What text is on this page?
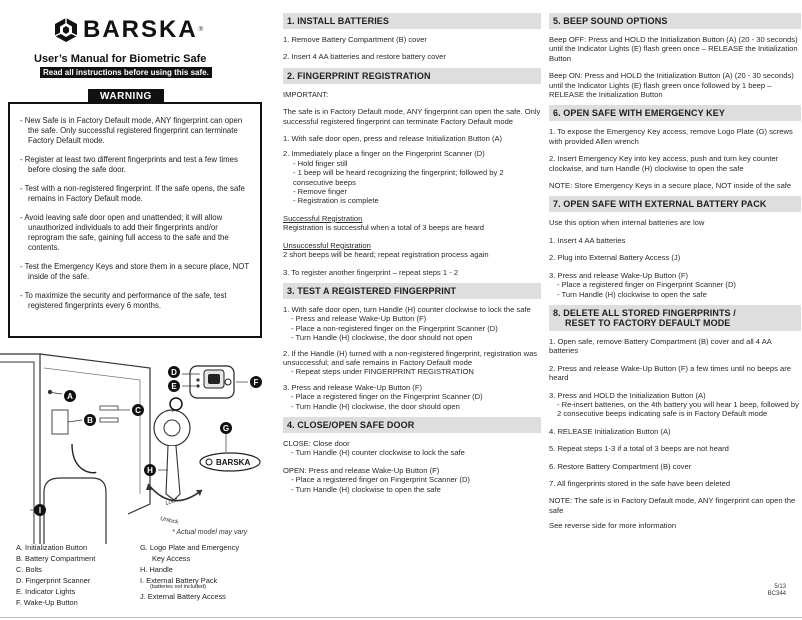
BARSKA ®
User’s Manual for Biometric Safe
Read all instructions before using this safe.
- New Safe is in Factory Default mode, ANY fingerprint can open the safe. Only successful registered fingerprint can terminate Factory Default mode.
- Register at least two different fingerprints and test a few times before closing the safe door.
- Test with a non-registered fingerprint. If the safe opens, the safe remains in Factory Default mode.
- Avoid leaving safe door open and unattended; it will allow unauthorized individuals to add their fingerprints and/or reprogram the safe, gaining full access to the safe and the contents.
- Test the Emergency Keys and store them in a secure place, NOT inside of the safe.
- To maximize the security and performance of the safe, test registered fingerprints every 6 months.
WARNING
A
B
C
D
E	F
G
H
I
Lock
Unlock
BARSKA
* Actual model may vary
A. Initialization Button
B. Battery Compartment
C. Bolts
D. Fingerprint Scanner
E. Indicator Lights
F. Wake-Up Button
G. Logo Plate and Emergency
Key Access
H. Handle
I. External Battery Pack
(batteries not included)
J. External Battery Access
1. INSTALL BATTERIES
1. Remove Battery Compartment (B) cover
2. Insert 4 AA batteries and restore battery cover
2. FINGERPRINT REGISTRATION
IMPORTANT:
The safe is in Factory Default mode, ANY fingerprint can open the safe. Only successful registered fingerprint can terminate Factory Default mode
1. With safe door open, press and release Initialization Button (A)
2. Immediately place a finger on the Fingerprint Scanner (D)
- Hold finger still
- 1 beep will be heard recognizing the fingerprint; followed by 2 consecutive beeps
- Remove finger
- Registration is complete
Successful Registration
Registration is successful when a total of 3 beeps are heard
Unsuccessful Registration
2 short beeps will be heard; repeat registration process again
3. To register another fingerprint – repeat steps 1 - 2
3. TEST A REGISTERED FINGERPRINT
1. With safe door open, turn Handle (H) counter clockwise to lock the safe
- Press and release Wake-Up Button (F)
- Place a non-registered finger on the Fingerprint Scanner (D)
- Turn Handle (H) clockwise, the door should not open
2. If the Handle (H) turned with a non-registered fingerprint, registration was unsuccessful; and safe remains in Factory Default mode
- Repeat steps under FINGERPRINT REGISTRATION
3. Press and release Wake-Up Button (F)
- Place a registered finger on the Fingerprint Scanner (D)
- Turn Handle (H) clockwise, the door should open
4. CLOSE/OPEN SAFE DOOR
CLOSE: Close door
- Turn Handle (H) counter clockwise to lock the safe
OPEN: Press and release Wake-Up Button (F)
- Place a registered finger on Fingerprint Scanner (D)
- Turn Handle (H) clockwise to open the safe
5. BEEP SOUND OPTIONS
Beep OFF: Press and HOLD the Initialization Button (A) (20 - 30 seconds) until the Indicator Lights (E) flash green once – RELEASE the Initialization Button
Beep ON: Press and HOLD the Initialization Button (A) (20 - 30 seconds) until the Indicator Lights (E) flash green once followed by 1 beep – RELEASE the Initialization Button
6. OPEN SAFE WITH EMERGENCY KEY
1. To expose the Emergency Key access, remove Logo Plate (G) screws with provided Allen wrench
2. Insert Emergency Key into key access, push and turn key counter clockwise, and turn Handle (H) clockwise to open the safe
NOTE: Store Emergency Keys in a secure place, NOT inside of the safe
7. OPEN SAFE WITH EXTERNAL BATTERY PACK
Use this option when internal batteries are low
1. Insert 4 AA batteries
2. Plug into External Battery Access (J)
3. Press and release Wake-Up Button (F)
- Place a registered finger on Fingerprint Scanner (D)
- Turn Handle (H) clockwise to open the safe
8. DELETE ALL STORED FINGERPRINTS /
RESET TO FACTORY DEFAULT MODE
1. Open safe, remove Battery Compartment (B) cover and all 4 AA batteries
2. Press and release Wake-Up Button (F) a few times until no beeps are heard
3. Press and HOLD the Initialization Button (A)
- Re-insert batteries, on the 4th battery you will hear 1 beep, followed by 2 consecutive beeps indicating safe is in Factory Default mode
4. RELEASE Initialization Button (A)
5. Repeat steps 1-3 if a total of 3 beeps are not heard
6. Restore Battery Compartment (B) cover
7. All fingerprints stored in the safe have been deleted
NOTE: The safe is in Factory Default mode, ANY fingerprint can open the safe
See reverse side for more information
5/13
BC344
